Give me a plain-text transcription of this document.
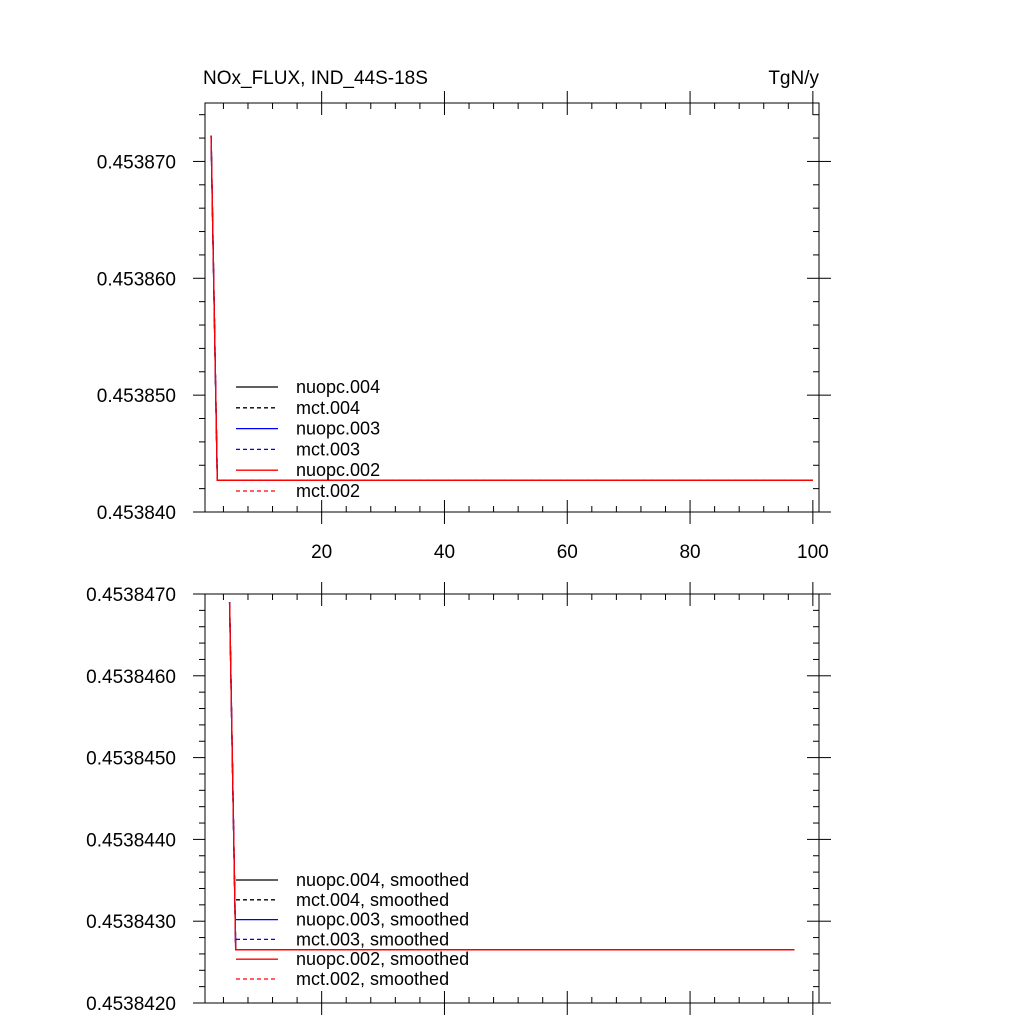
NOx_FLUX, IND_44S-18S	TgN/y
20	40	60	80	100
0.453840
0.453850
0.453860
0.453870
nuopc.004
mct.004
nuopc.003
mct.003
nuopc.002
mct.002
0.4538420
0.4538430
0.4538440
0.4538450
0.4538460
0.4538470
nuopc.004, smoothed
mct.004, smoothed
nuopc.003, smoothed
mct.003, smoothed
nuopc.002, smoothed
mct.002, smoothed
